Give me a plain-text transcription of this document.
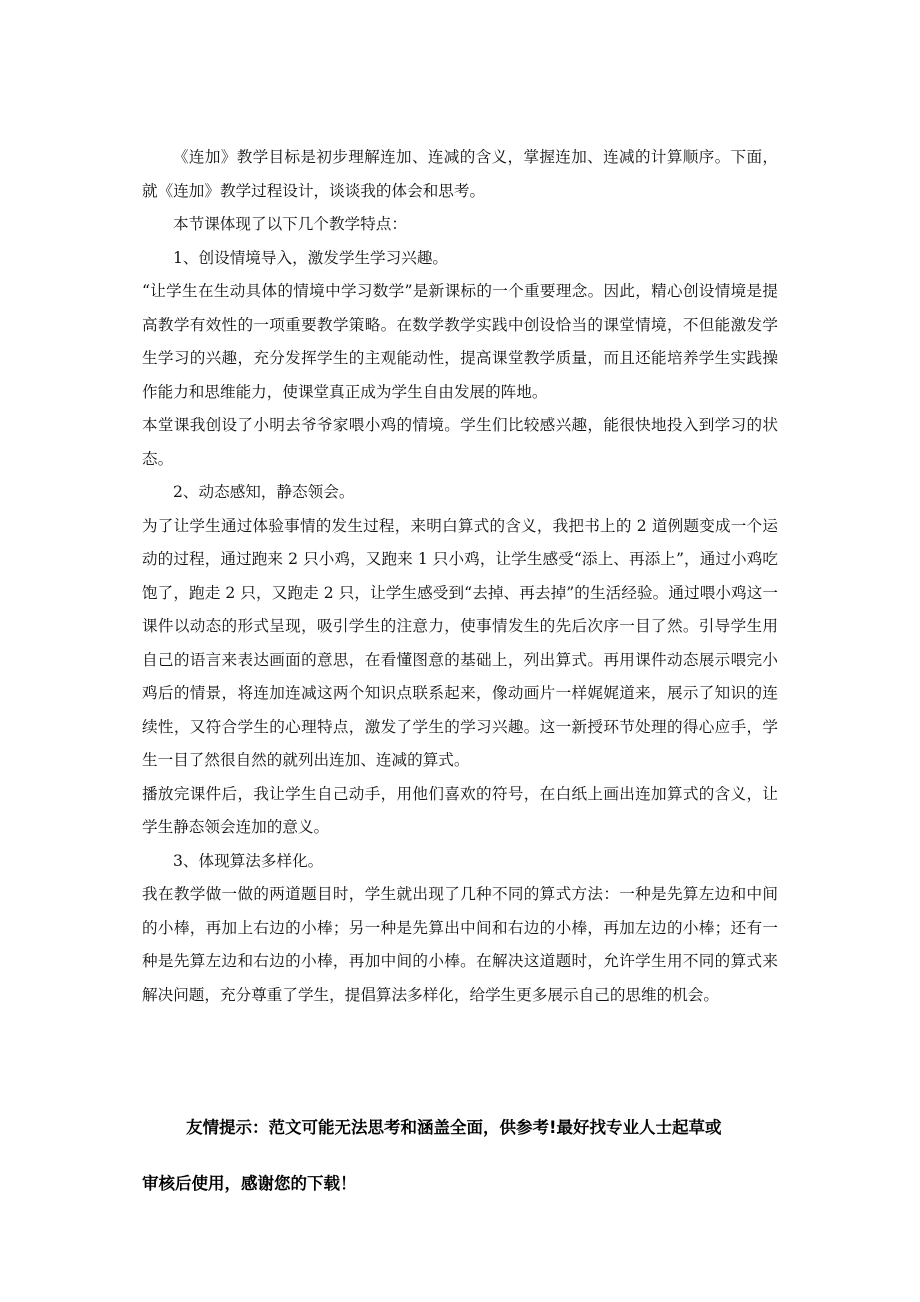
《连加》教学目标是初步理解连加、连减的含义，掌握连加、连减的计算顺序。下面，就《连加》教学过程设计，谈谈我的体会和思考。

本节课体现了以下几个教学特点：

1、创设情境导入，激发学生学习兴趣。

“让学生在生动具体的情境中学习数学”是新课标的一个重要理念。因此，精心创设情境是提高教学有效性的一项重要教学策略。在数学教学实践中创设恰当的课堂情境，不但能激发学生学习的兴趣，充分发挥学生的主观能动性，提高课堂教学质量，而且还能培养学生实践操作能力和思维能力，使课堂真正成为学生自由发展的阵地。

本堂课我创设了小明去爷爷家喂小鸡的情境。学生们比较感兴趣，能很快地投入到学习的状态。

2、动态感知，静态领会。

为了让学生通过体验事情的发生过程，来明白算式的含义，我把书上的 2 道例题变成一个运动的过程，通过跑来 2 只小鸡，又跑来 1 只小鸡，让学生感受“添上、再添上”，通过小鸡吃饱了，跑走 2 只，又跑走 2 只，让学生感受到“去掉、再去掉”的生活经验。通过喂小鸡这一课件以动态的形式呈现，吸引学生的注意力，使事情发生的先后次序一目了然。引导学生用自己的语言来表达画面的意思，在看懂图意的基础上，列出算式。再用课件动态展示喂完小鸡后的情景，将连加连减这两个知识点联系起来，像动画片一样娓娓道来，展示了知识的连续性，又符合学生的心理特点，激发了学生的学习兴趣。这一新授环节处理的得心应手，学生一目了然很自然的就列出连加、连减的算式。

播放完课件后，我让学生自己动手，用他们喜欢的符号，在白纸上画出连加算式的含义，让学生静态领会连加的意义。

3、体现算法多样化。

我在教学做一做的两道题目时，学生就出现了几种不同的算式方法：一种是先算左边和中间的小棒，再加上右边的小棒；另一种是先算出中间和右边的小棒，再加左边的小棒；还有一种是先算左边和右边的小棒，再加中间的小棒。在解决这道题时，允许学生用不同的算式来解决问题，充分尊重了学生，提倡算法多样化，给学生更多展示自己的思维的机会。

友情提示：范文可能无法思考和涵盖全面，供参考!最好找专业人士起草或

审核后使用，感谢您的下载！
